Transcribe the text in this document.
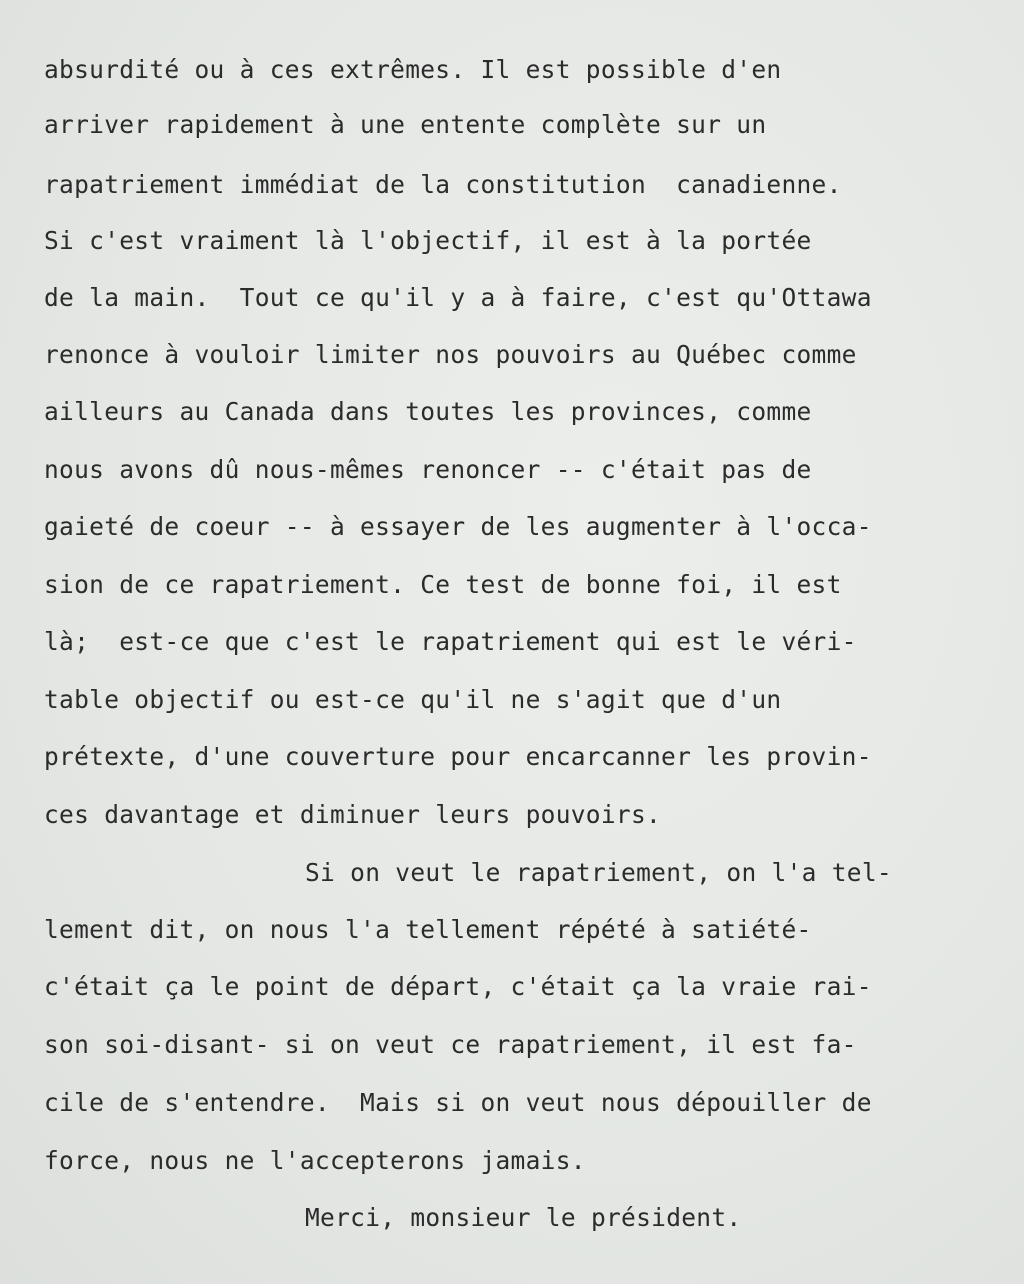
absurdité ou à ces extrêmes. Il est possible d'en

arriver rapidement à une entente complète sur un

rapatriement immédiat de la constitution  canadienne.

Si c'est vraiment là l'objectif, il est à la portée

de la main.  Tout ce qu'il y a à faire, c'est qu'Ottawa

renonce à vouloir limiter nos pouvoirs au Québec comme

ailleurs au Canada dans toutes les provinces, comme

nous avons dû nous-mêmes renoncer -- c'était pas de

gaieté de coeur -- à essayer de les augmenter à l'occa-

sion de ce rapatriement. Ce test de bonne foi, il est

là;  est-ce que c'est le rapatriement qui est le véri-

table objectif ou est-ce qu'il ne s'agit que d'un

prétexte, d'une couverture pour encarcanner les provin-

ces davantage et diminuer leurs pouvoirs.

Si on veut le rapatriement, on l'a tel-

lement dit, on nous l'a tellement répété à satiété-

c'était ça le point de départ, c'était ça la vraie rai-

son soi-disant- si on veut ce rapatriement, il est fa-

cile de s'entendre.  Mais si on veut nous dépouiller de

force, nous ne l'accepterons jamais.

Merci, monsieur le président.
